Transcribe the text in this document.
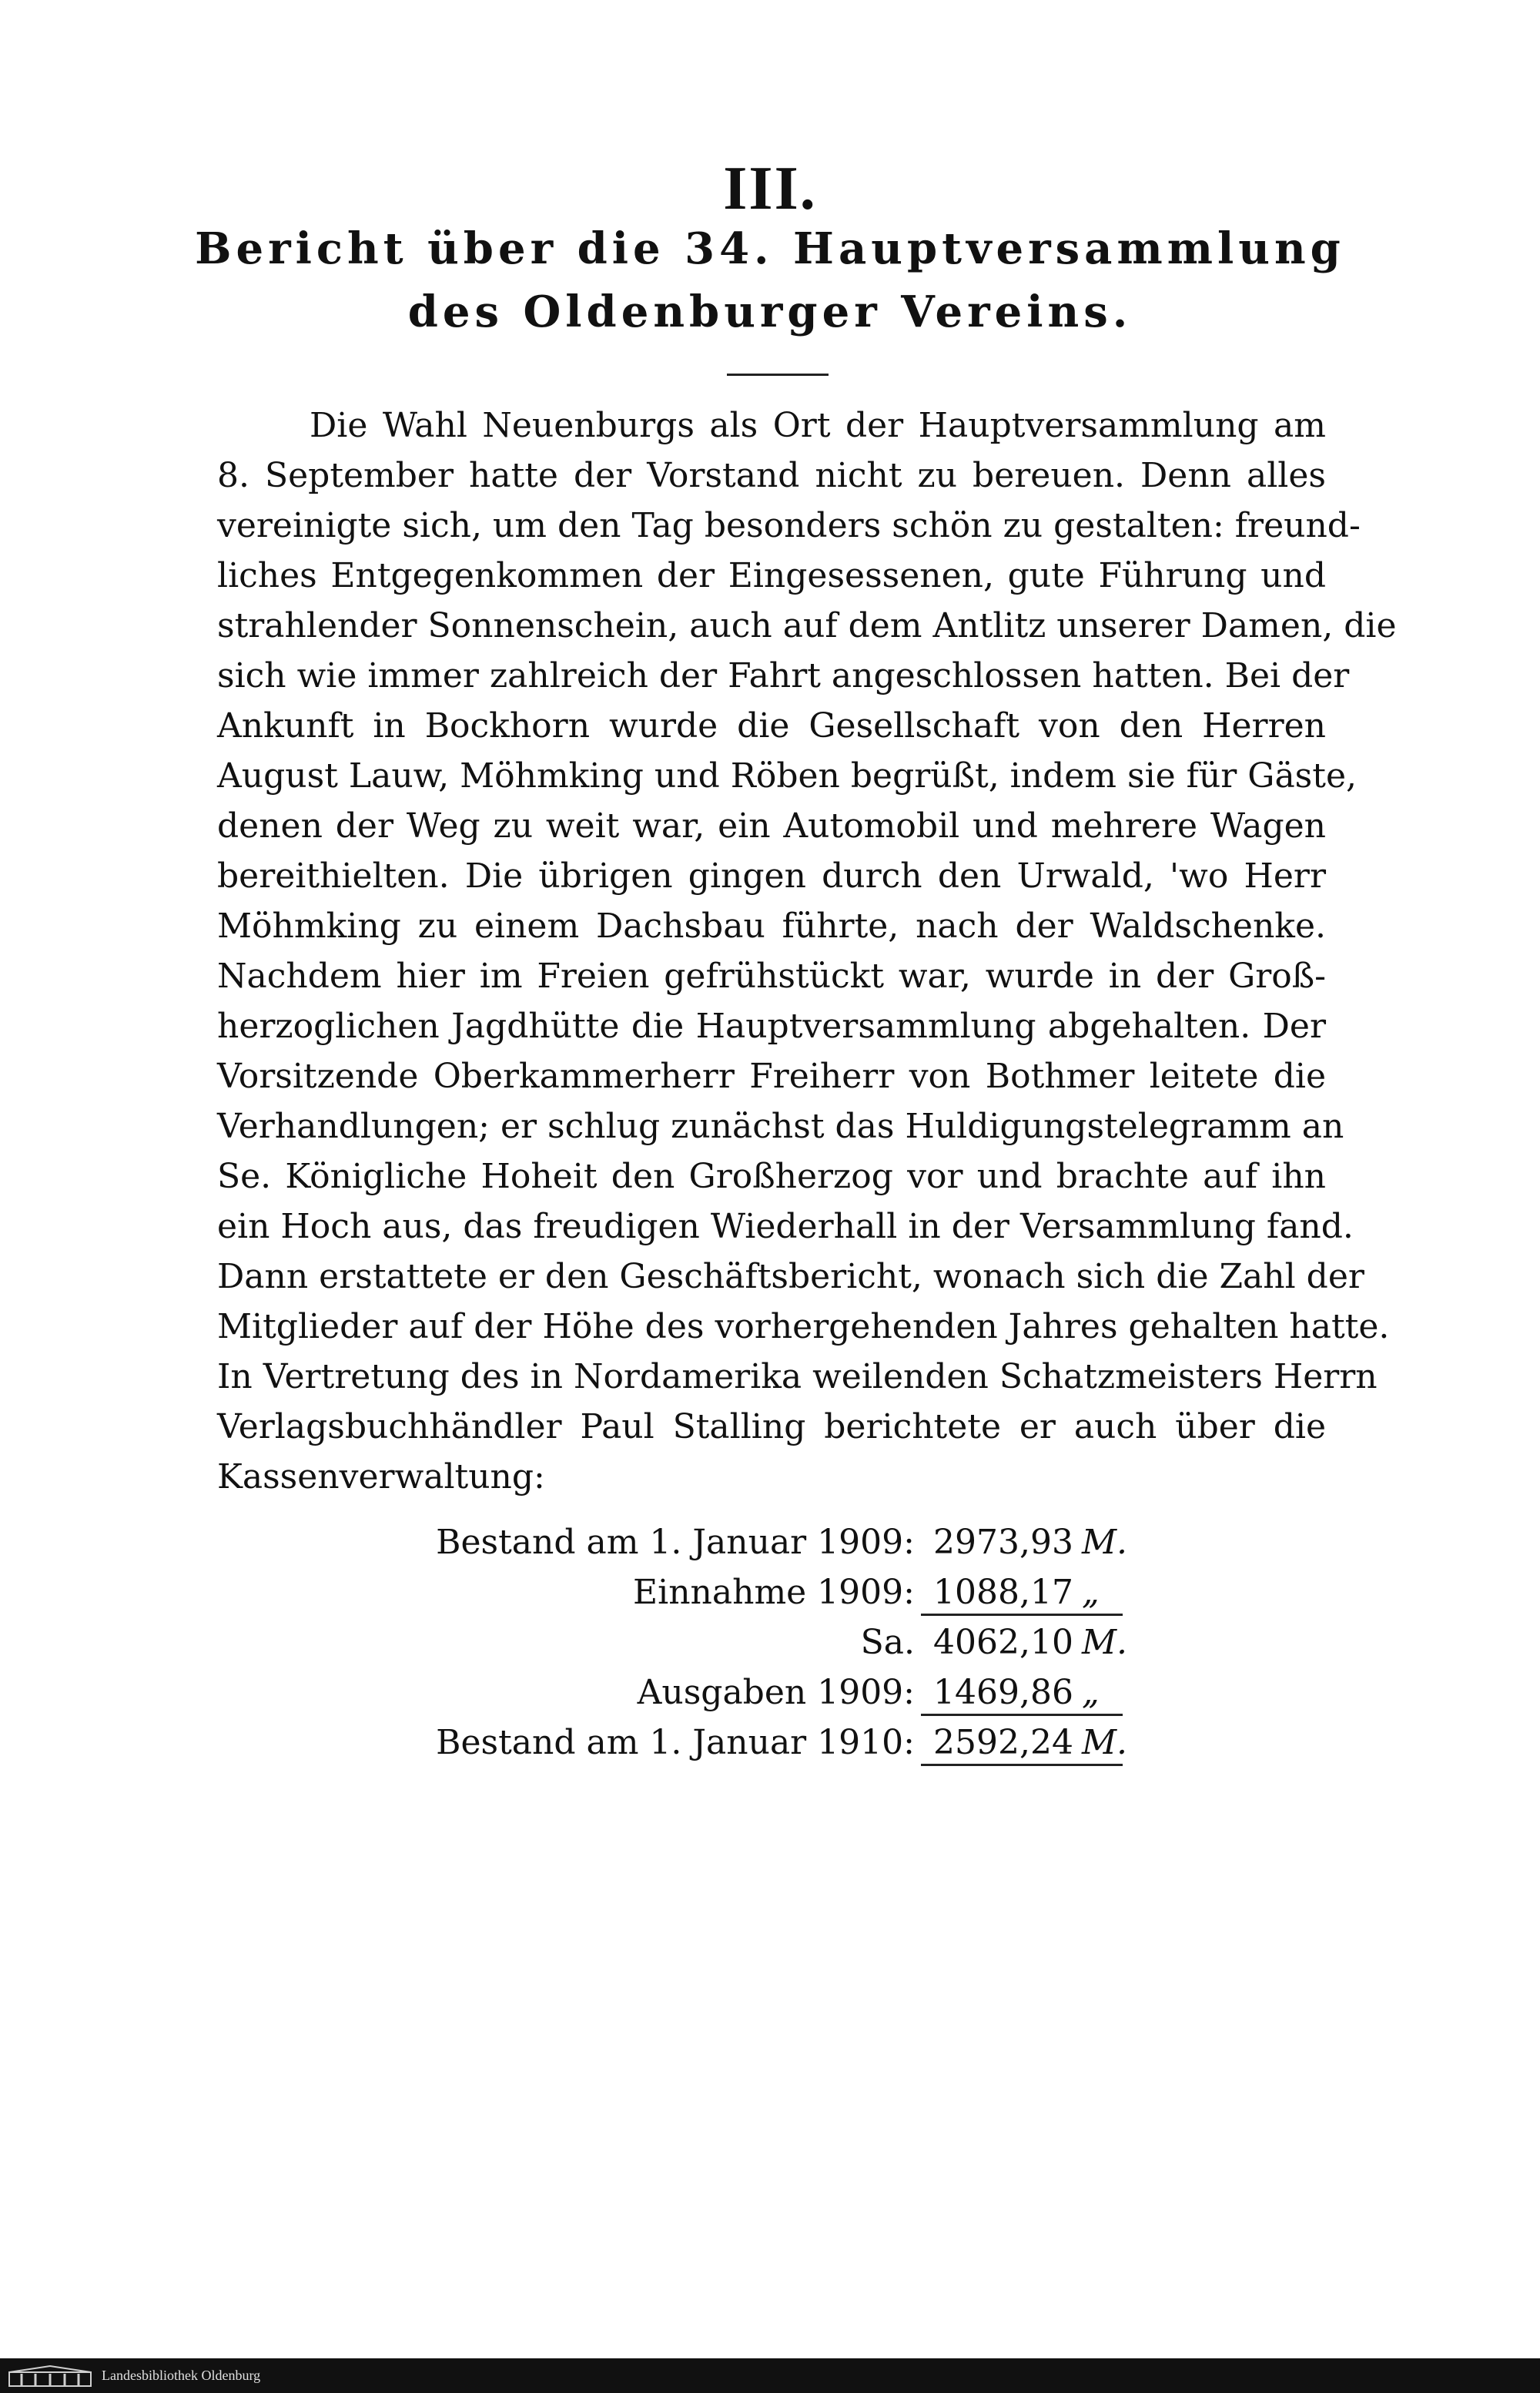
III.
Bericht über die 34. Hauptversammlung
des Oldenburger Vereins.
Die Wahl Neuenburgs als Ort der Hauptversammlung am
8. September hatte der Vorstand nicht zu bereuen. Denn alles
vereinigte sich, um den Tag besonders schön zu gestalten: freund-
liches Entgegenkommen der Eingesessenen, gute Führung und
strahlender Sonnenschein, auch auf dem Antlitz unserer Damen, die
sich wie immer zahlreich der Fahrt angeschlossen hatten. Bei der
Ankunft in Bockhorn wurde die Gesellschaft von den Herren
August Lauw, Möhmking und Röben begrüßt, indem sie für Gäste,
denen der Weg zu weit war, ein Automobil und mehrere Wagen
bereithielten. Die übrigen gingen durch den Urwald, 'wo Herr
Möhmking zu einem Dachsbau führte, nach der Waldschenke.
Nachdem hier im Freien gefrühstückt war, wurde in der Groß-
herzoglichen Jagdhütte die Hauptversammlung abgehalten. Der
Vorsitzende Oberkammerherr Freiherr von Bothmer leitete die
Verhandlungen; er schlug zunächst das Huldigungstelegramm an
Se. Königliche Hoheit den Großherzog vor und brachte auf ihn
ein Hoch aus, das freudigen Wiederhall in der Versammlung fand.
Dann erstattete er den Geschäftsbericht, wonach sich die Zahl der
Mitglieder auf der Höhe des vorhergehenden Jahres gehalten hatte.
In Vertretung des in Nordamerika weilenden Schatzmeisters Herrn
Verlagsbuchhändler Paul Stalling berichtete er auch über die
Kassenverwaltung:
Bestand am 1. Januar 1909: 2973,93 M.
Einnahme 1909: 1088,17 „
Sa. 4062,10 M.
Ausgaben 1909: 1469,86 „
Bestand am 1. Januar 1910: 2592,24 M.
Landesbibliothek Oldenburg
